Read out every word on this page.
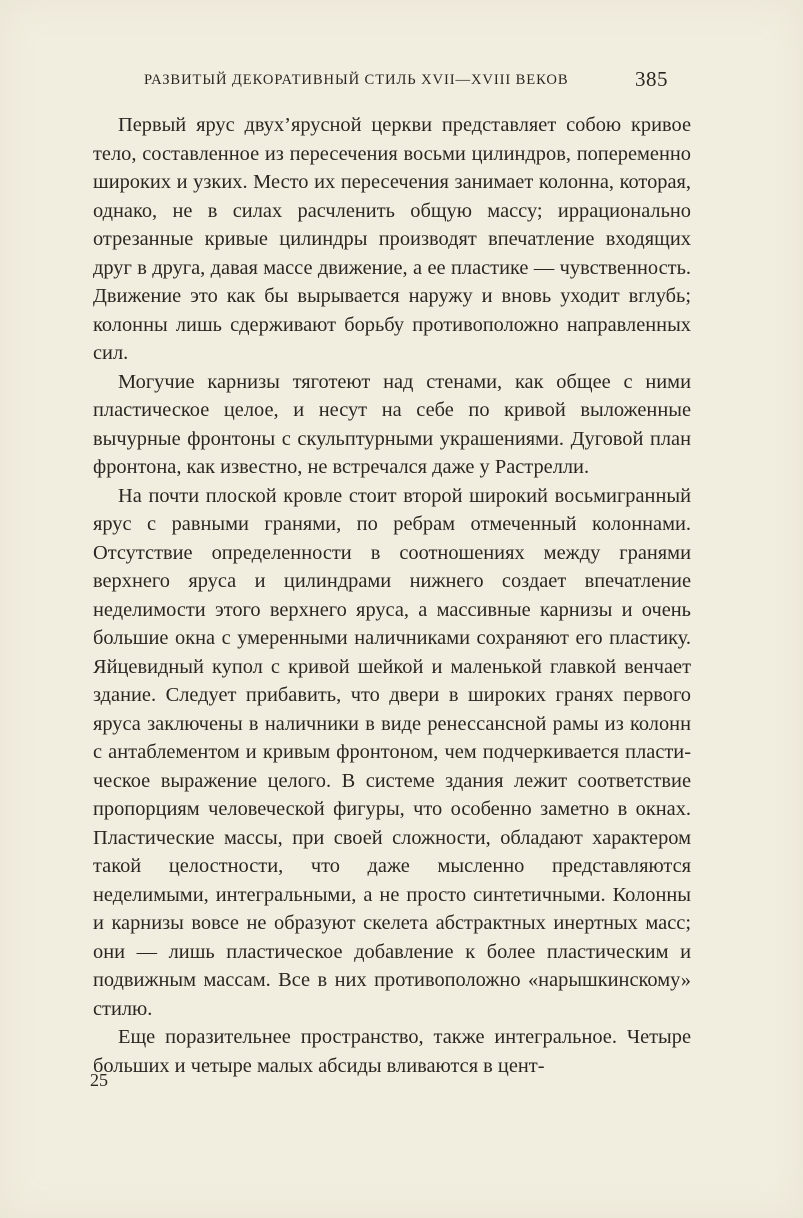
РАЗВИТЫЙ ДЕКОРАТИВНЫЙ СТИЛЬ XVII—XVIII ВЕКОВ	385

Первый ярус двух’ярусной церкви представляет собою кривое тело, составленное из пересечения восьми цилиндров, попеременно широких и узких. Место их пересечения занимает колонна, которая, однако, не в силах расчленить общую массу; иррационально отрезанные кривые цилиндры производят впечатление входящих друг в друга, давая массе движение, а ее пластике — чувственность. Движение это как бы вырывается наружу и вновь уходит вглубь; колонны лишь сдерживают борьбу противоположно направленных сил.

Могучие карнизы тяготеют над стенами, как общее с ними пластическое целое, и несут на себе по кривой выложенные вычурные фронтоны с скульптурными украшениями. Дуговой план фронтона, как известно, не встречался даже у Растрелли.

На почти плоской кровле стоит второй широкий восьмигранный ярус с равными гранями, по ребрам отмеченный колоннами. Отсутствие определенности в соотношениях между гранями верхнего яруса и цилиндрами нижнего создает впечатление неделимости этого верхнего яруса, а массивные карнизы и очень большие окна с умеренными наличниками сохраняют его пластику. Яйцевидный купол с кривой шейкой и маленькой главкой венчает здание. Следует прибавить, что двери в широких гранях первого яруса заключены в наличники в виде ренессансной рамы из колонн с антаблементом и кривым фронтоном, чем подчеркивается пластическое выражение целого. В системе здания лежит соответствие пропорциям человеческой фигуры, что особенно заметно в окнах. Пластические массы, при своей сложности, обладают характером такой целостности, что даже мысленно представляются неделимыми, интегральными, а не просто синтетичными. Колонны и карнизы вовсе не образуют скелета абстрактных инертных масс; они — лишь пластическое добавление к более пластическим и подвижным массам. Все в них противоположно «нарышкинскому» стилю.

Еще поразительнее пространство, также интегральное. Четыре больших и четыре малых абсиды вливаются в цент-

25
